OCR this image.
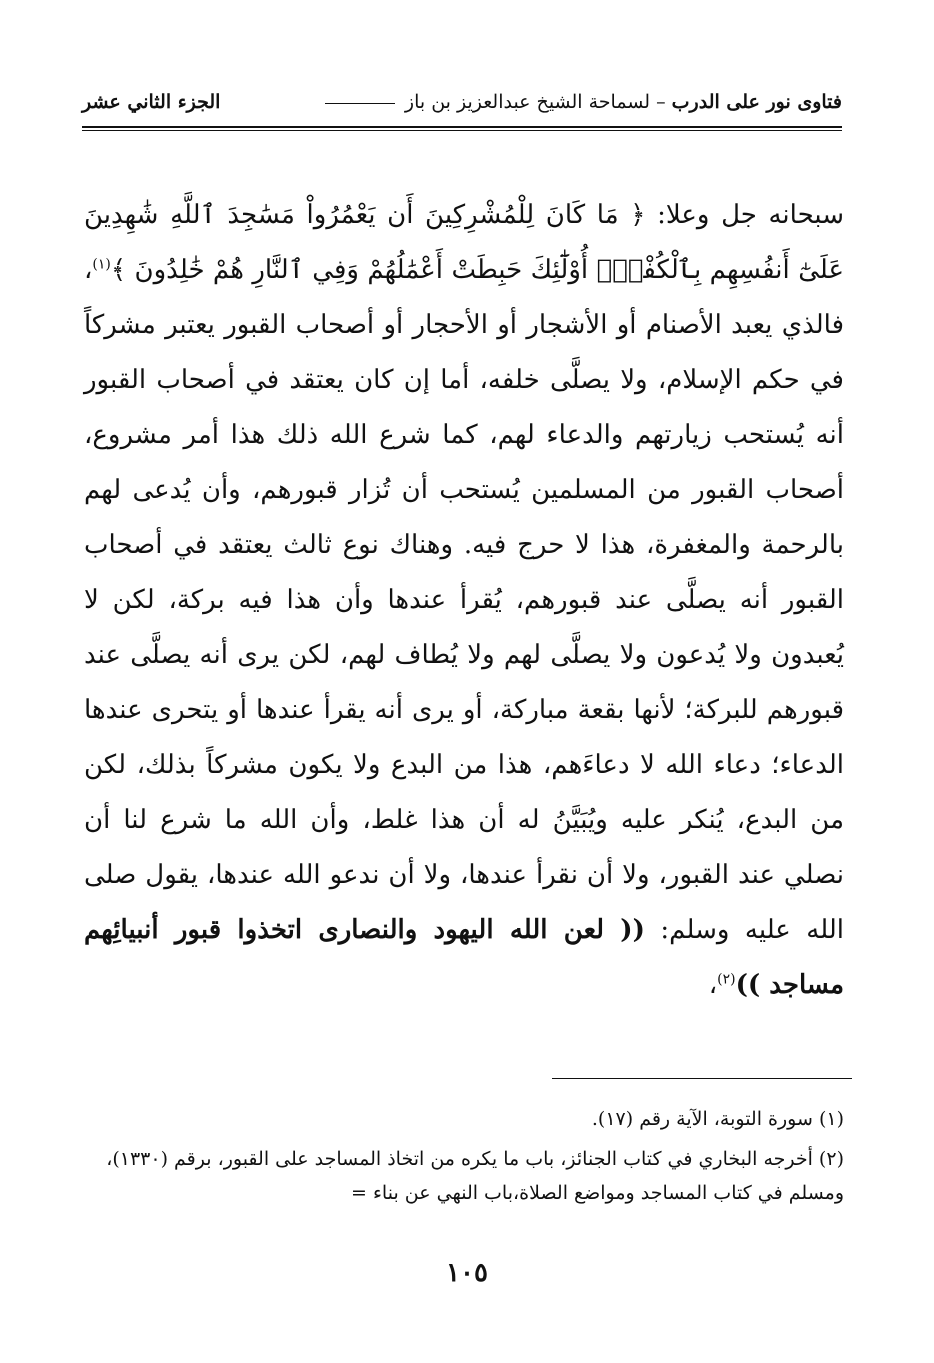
فتاوى نور على الدرب – لسماحة الشيخ عبدالعزيز بن باز
الجزء الثاني عشر

سبحانه جل وعلا: ﴿ مَا كَانَ لِلْمُشْرِكِينَ أَن يَعْمُرُواْ مَسَٰجِدَ ٱللَّهِ شَٰهِدِينَ عَلَىٰٓ أَنفُسِهِم بِٱلْكُفْرِۚ أُوْلَٰٓئِكَ حَبِطَتْ أَعْمَٰلُهُمْ وَفِي ٱلنَّارِ هُمْ خَٰلِدُونَ ﴾$^{(١)}$، فالذي يعبد الأصنام أو الأشجار أو الأحجار أو أصحاب القبور يعتبر مشركاً في حكم الإسلام، ولا يصلَّى خلفه، أما إن كان يعتقد في أصحاب القبور أنه يُستحب زيارتهم والدعاء لهم، كما شرع الله ذلك هذا أمر مشروع، أصحاب القبور من المسلمين يُستحب أن تُزار قبورهم، وأن يُدعى لهم بالرحمة والمغفرة، هذا لا حرج فيه. وهناك نوع ثالث يعتقد في أصحاب القبور أنه يصلَّى عند قبورهم، يُقرأ عندها وأن هذا فيه بركة، لكن لا يُعبدون ولا يُدعون ولا يصلَّى لهم ولا يُطاف لهم، لكن يرى أنه يصلَّى عند قبورهم للبركة؛ لأنها بقعة مباركة، أو يرى أنه يقرأ عندها أو يتحرى عندها الدعاء؛ دعاء الله لا دعاءَهم، هذا من البدع ولا يكون مشركاً بذلك، لكن من البدع، يُنكر عليه ويُبَيَّنُ له أن هذا غلط، وأن الله ما شرع لنا أن نصلي عند القبور، ولا أن نقرأ عندها، ولا أن ندعو الله عندها، يقول صلى الله عليه وسلم: (( لعن الله اليهود والنصارى اتخذوا قبور أنبيائِهم مساجد ))$^{(٢)}$،

(١) سورة التوبة، الآية رقم (١٧).

(٢) أخرجه البخاري في كتاب الجنائز، باب ما يكره من اتخاذ المساجد على القبور، برقم (١٣٣٠)، ومسلم في كتاب المساجد ومواضع الصلاة،باب النهي عن بناء =

١٠٥
